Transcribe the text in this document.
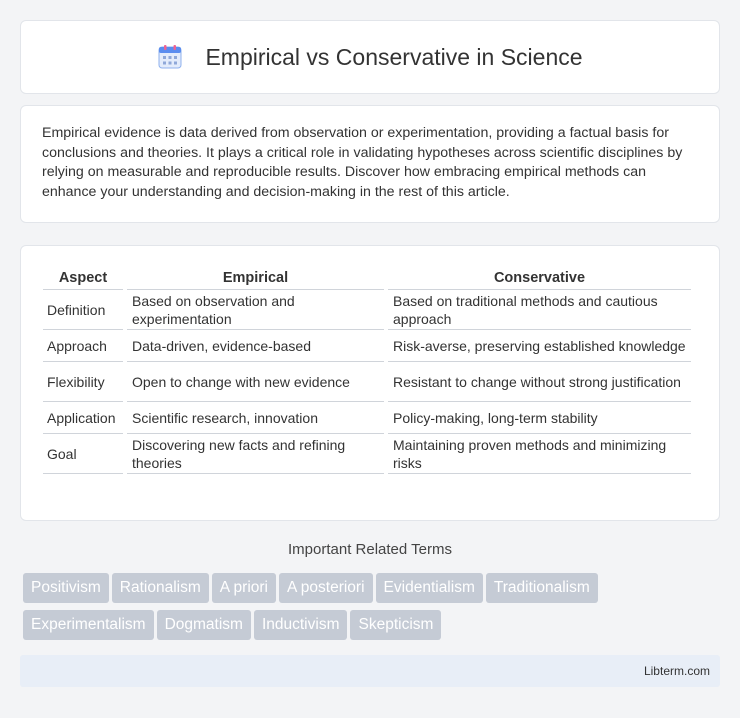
Empirical vs Conservative in Science

Empirical evidence is data derived from observation or experimentation, providing a factual basis for conclusions and theories. It plays a critical role in validating hypotheses across scientific disciplines by relying on measurable and reproducible results. Discover how embracing empirical methods can enhance your understanding and decision-making in the rest of this article.

Aspect	Empirical	Conservative
Definition	Based on observation and experimentation	Based on traditional methods and cautious approach
Approach	Data-driven, evidence-based	Risk-averse, preserving established knowledge
Flexibility	Open to change with new evidence	Resistant to change without strong justification
Application	Scientific research, innovation	Policy-making, long-term stability
Goal	Discovering new facts and refining theories	Maintaining proven methods and minimizing risks
Important Related Terms
Positivism	Rationalism	A priori	A posteriori	Evidentialism	Traditionalism
Experimentalism	Dogmatism	Inductivism	Skepticism
Libterm.com
